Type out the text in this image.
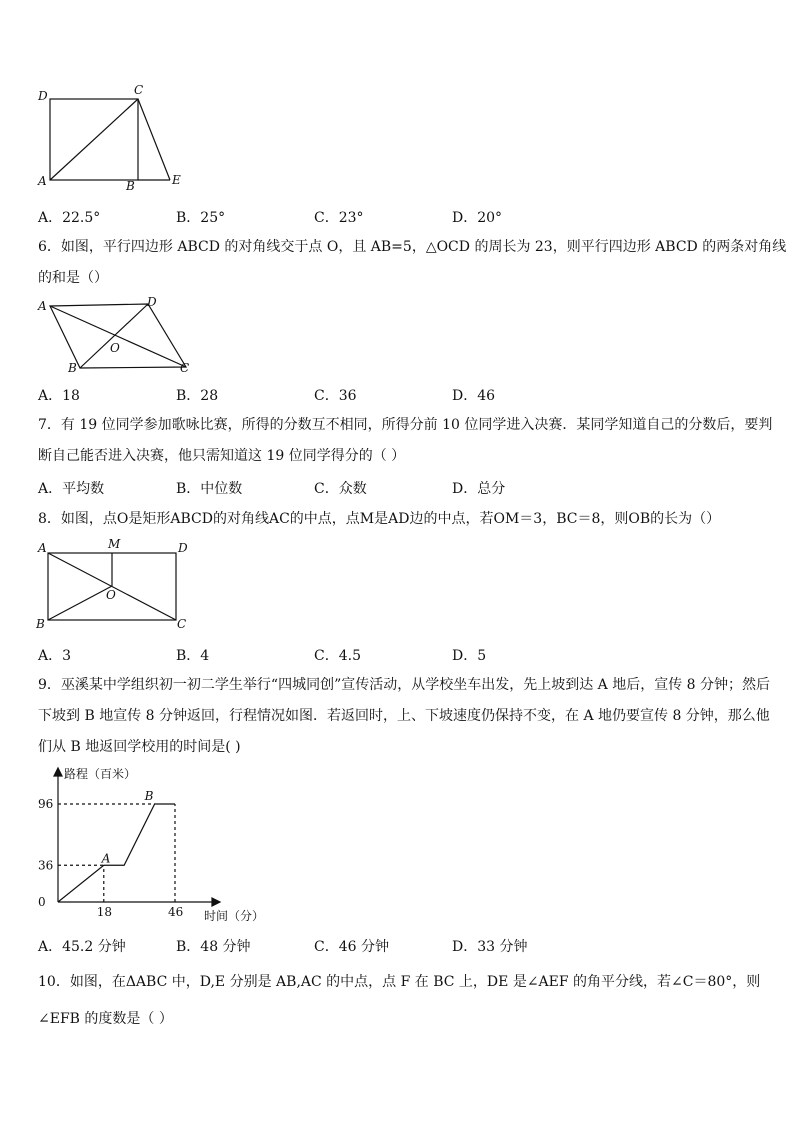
D	C
A	B	E
A．22.5°	B．25°	C．23°	D．20°
6．如图，平行四边形 ABCD 的对角线交于点 O，且 AB=5，△OCD 的周长为 23，则平行四边形 ABCD 的两条对角线
的和是（）
A	D
O
B	C
A．18	B．28	C．36	D．46
7．有 19 位同学参加歌咏比赛，所得的分数互不相同，所得分前 10 位同学进入决赛．某同学知道自己的分数后，要判
断自己能否进入决赛，他只需知道这 19 位同学得分的（ ）
A．平均数	B．中位数	C．众数	D．总分
8．如图，点O是矩形ABCD的对角线AC的中点，点M是AD边的中点，若OM＝3，BC＝8，则OB的长为（）
A	M	D
O
B	C
A．3	B．4	C．4.5	D．5
9．巫溪某中学组织初一初二学生举行“四城同创”宣传活动，从学校坐车出发，先上坡到达 A 地后，宣传 8 分钟；然后
下坡到 B 地宣传 8 分钟返回，行程情况如图．若返回时，上、下坡速度仍保持不变，在 A 地仍要宣传 8 分钟，那么他
们从 B 地返回学校用的时间是( )
路程（百米）
时间（分）
96
36
0
18	46
A
B
A．45.2 分钟	B．48 分钟	C．46 分钟	D．33 分钟
10．如图，在ΔABC 中，D,E 分别是 AB,AC 的中点，点 F 在 BC 上，DE 是∠AEF 的角平分线，若∠C＝80°，则
∠EFB 的度数是（ ）
